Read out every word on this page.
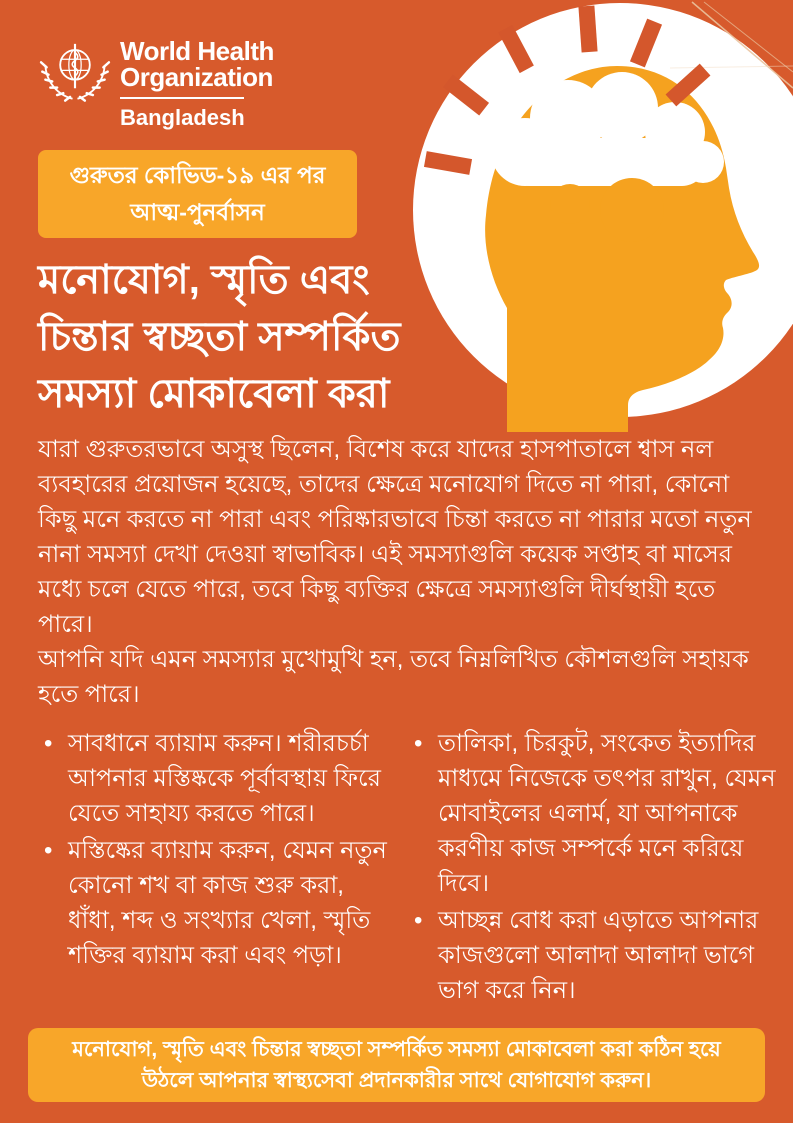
World Health
Organization
Bangladesh
গুরুতর কোভিড-১৯ এর পর
আত্ম-পুনর্বাসন
মনোযোগ, স্মৃতি এবং
চিন্তার স্বচ্ছতা সম্পর্কিত
সমস্যা মোকাবেলা করা

যারা গুরুতরভাবে অসুস্থ ছিলেন, বিশেষ করে যাদের হাসপাতালে শ্বাস নল ব্যবহারের প্রয়োজন হয়েছে, তাদের ক্ষেত্রে মনোযোগ দিতে না পারা, কোনো কিছু মনে করতে না পারা এবং পরিষ্কারভাবে চিন্তা করতে না পারার মতো নতুন নানা সমস্যা দেখা দেওয়া স্বাভাবিক। এই সমস্যাগুলি কয়েক সপ্তাহ বা মাসের মধ্যে চলে যেতে পারে, তবে কিছু ব্যক্তির ক্ষেত্রে সমস্যাগুলি দীর্ঘস্থায়ী হতে পারে।

আপনি যদি এমন সমস্যার মুখোমুখি হন, তবে নিম্নলিখিত কৌশলগুলি সহায়ক হতে পারে।

• সাবধানে ব্যায়াম করুন। শরীরচর্চা আপনার মস্তিষ্ককে পূর্বাবস্থায় ফিরে যেতে সাহায্য করতে পারে।
• মস্তিষ্কের ব্যায়াম করুন, যেমন নতুন কোনো শখ বা কাজ শুরু করা, ধাঁধা, শব্দ ও সংখ্যার খেলা, স্মৃতি শক্তির ব্যায়াম করা এবং পড়া।
• তালিকা, চিরকুট, সংকেত ইত্যাদির মাধ্যমে নিজেকে তৎপর রাখুন, যেমন মোবাইলের এলার্ম, যা আপনাকে করণীয় কাজ সম্পর্কে মনে করিয়ে দিবে।
• আচ্ছন্ন বোধ করা এড়াতে আপনার কাজগুলো আলাদা আলাদা ভাগে ভাগ করে নিন।
মনোযোগ, স্মৃতি এবং চিন্তার স্বচ্ছতা সম্পর্কিত সমস্যা মোকাবেলা করা কঠিন হয়ে উঠলে আপনার স্বাস্থ্যসেবা প্রদানকারীর সাথে যোগাযোগ করুন।
